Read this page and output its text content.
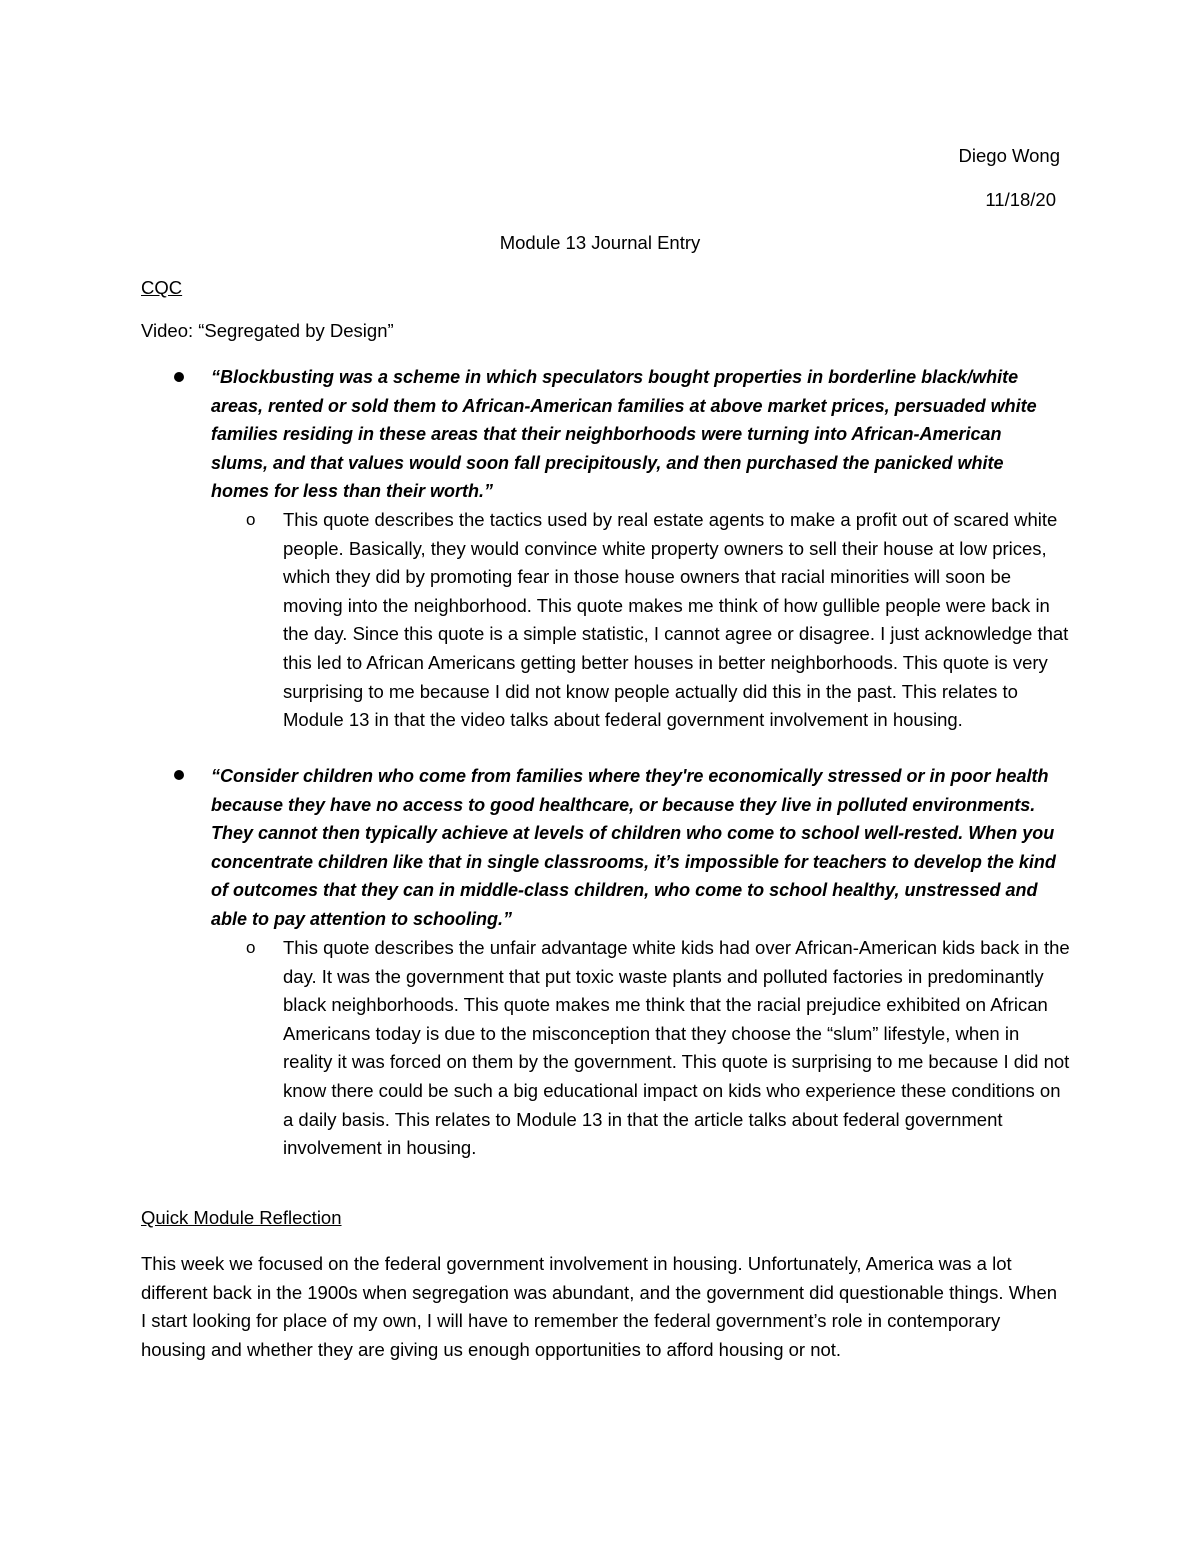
Diego Wong
11/18/20
Module 13 Journal Entry
CQC
Video: “Segregated by Design”
“Blockbusting was a scheme in which speculators bought properties in borderline black/white areas, rented or sold them to African-American families at above market prices, persuaded white families residing in these areas that their neighborhoods were turning into African-American slums, and that values would soon fall precipitously, and then purchased the panicked white homes for less than their worth.”
o This quote describes the tactics used by real estate agents to make a profit out of scared white people. Basically, they would convince white property owners to sell their house at low prices, which they did by promoting fear in those house owners that racial minorities will soon be moving into the neighborhood. This quote makes me think of how gullible people were back in the day. Since this quote is a simple statistic, I cannot agree or disagree. I just acknowledge that this led to African Americans getting better houses in better neighborhoods. This quote is very surprising to me because I did not know people actually did this in the past. This relates to Module 13 in that the video talks about federal government involvement in housing.
“Consider children who come from families where they're economically stressed or in poor health because they have no access to good healthcare, or because they live in polluted environments. They cannot then typically achieve at levels of children who come to school well-rested. When you concentrate children like that in single classrooms, it’s impossible for teachers to develop the kind of outcomes that they can in middle-class children, who come to school healthy, unstressed and able to pay attention to schooling.”
o This quote describes the unfair advantage white kids had over African-American kids back in the day. It was the government that put toxic waste plants and polluted factories in predominantly black neighborhoods. This quote makes me think that the racial prejudice exhibited on African Americans today is due to the misconception that they choose the “slum” lifestyle, when in reality it was forced on them by the government. This quote is surprising to me because I did not know there could be such a big educational impact on kids who experience these conditions on a daily basis. This relates to Module 13 in that the article talks about federal government involvement in housing.
Quick Module Reflection
This week we focused on the federal government involvement in housing. Unfortunately, America was a lot different back in the 1900s when segregation was abundant, and the government did questionable things. When I start looking for place of my own, I will have to remember the federal government’s role in contemporary housing and whether they are giving us enough opportunities to afford housing or not.
